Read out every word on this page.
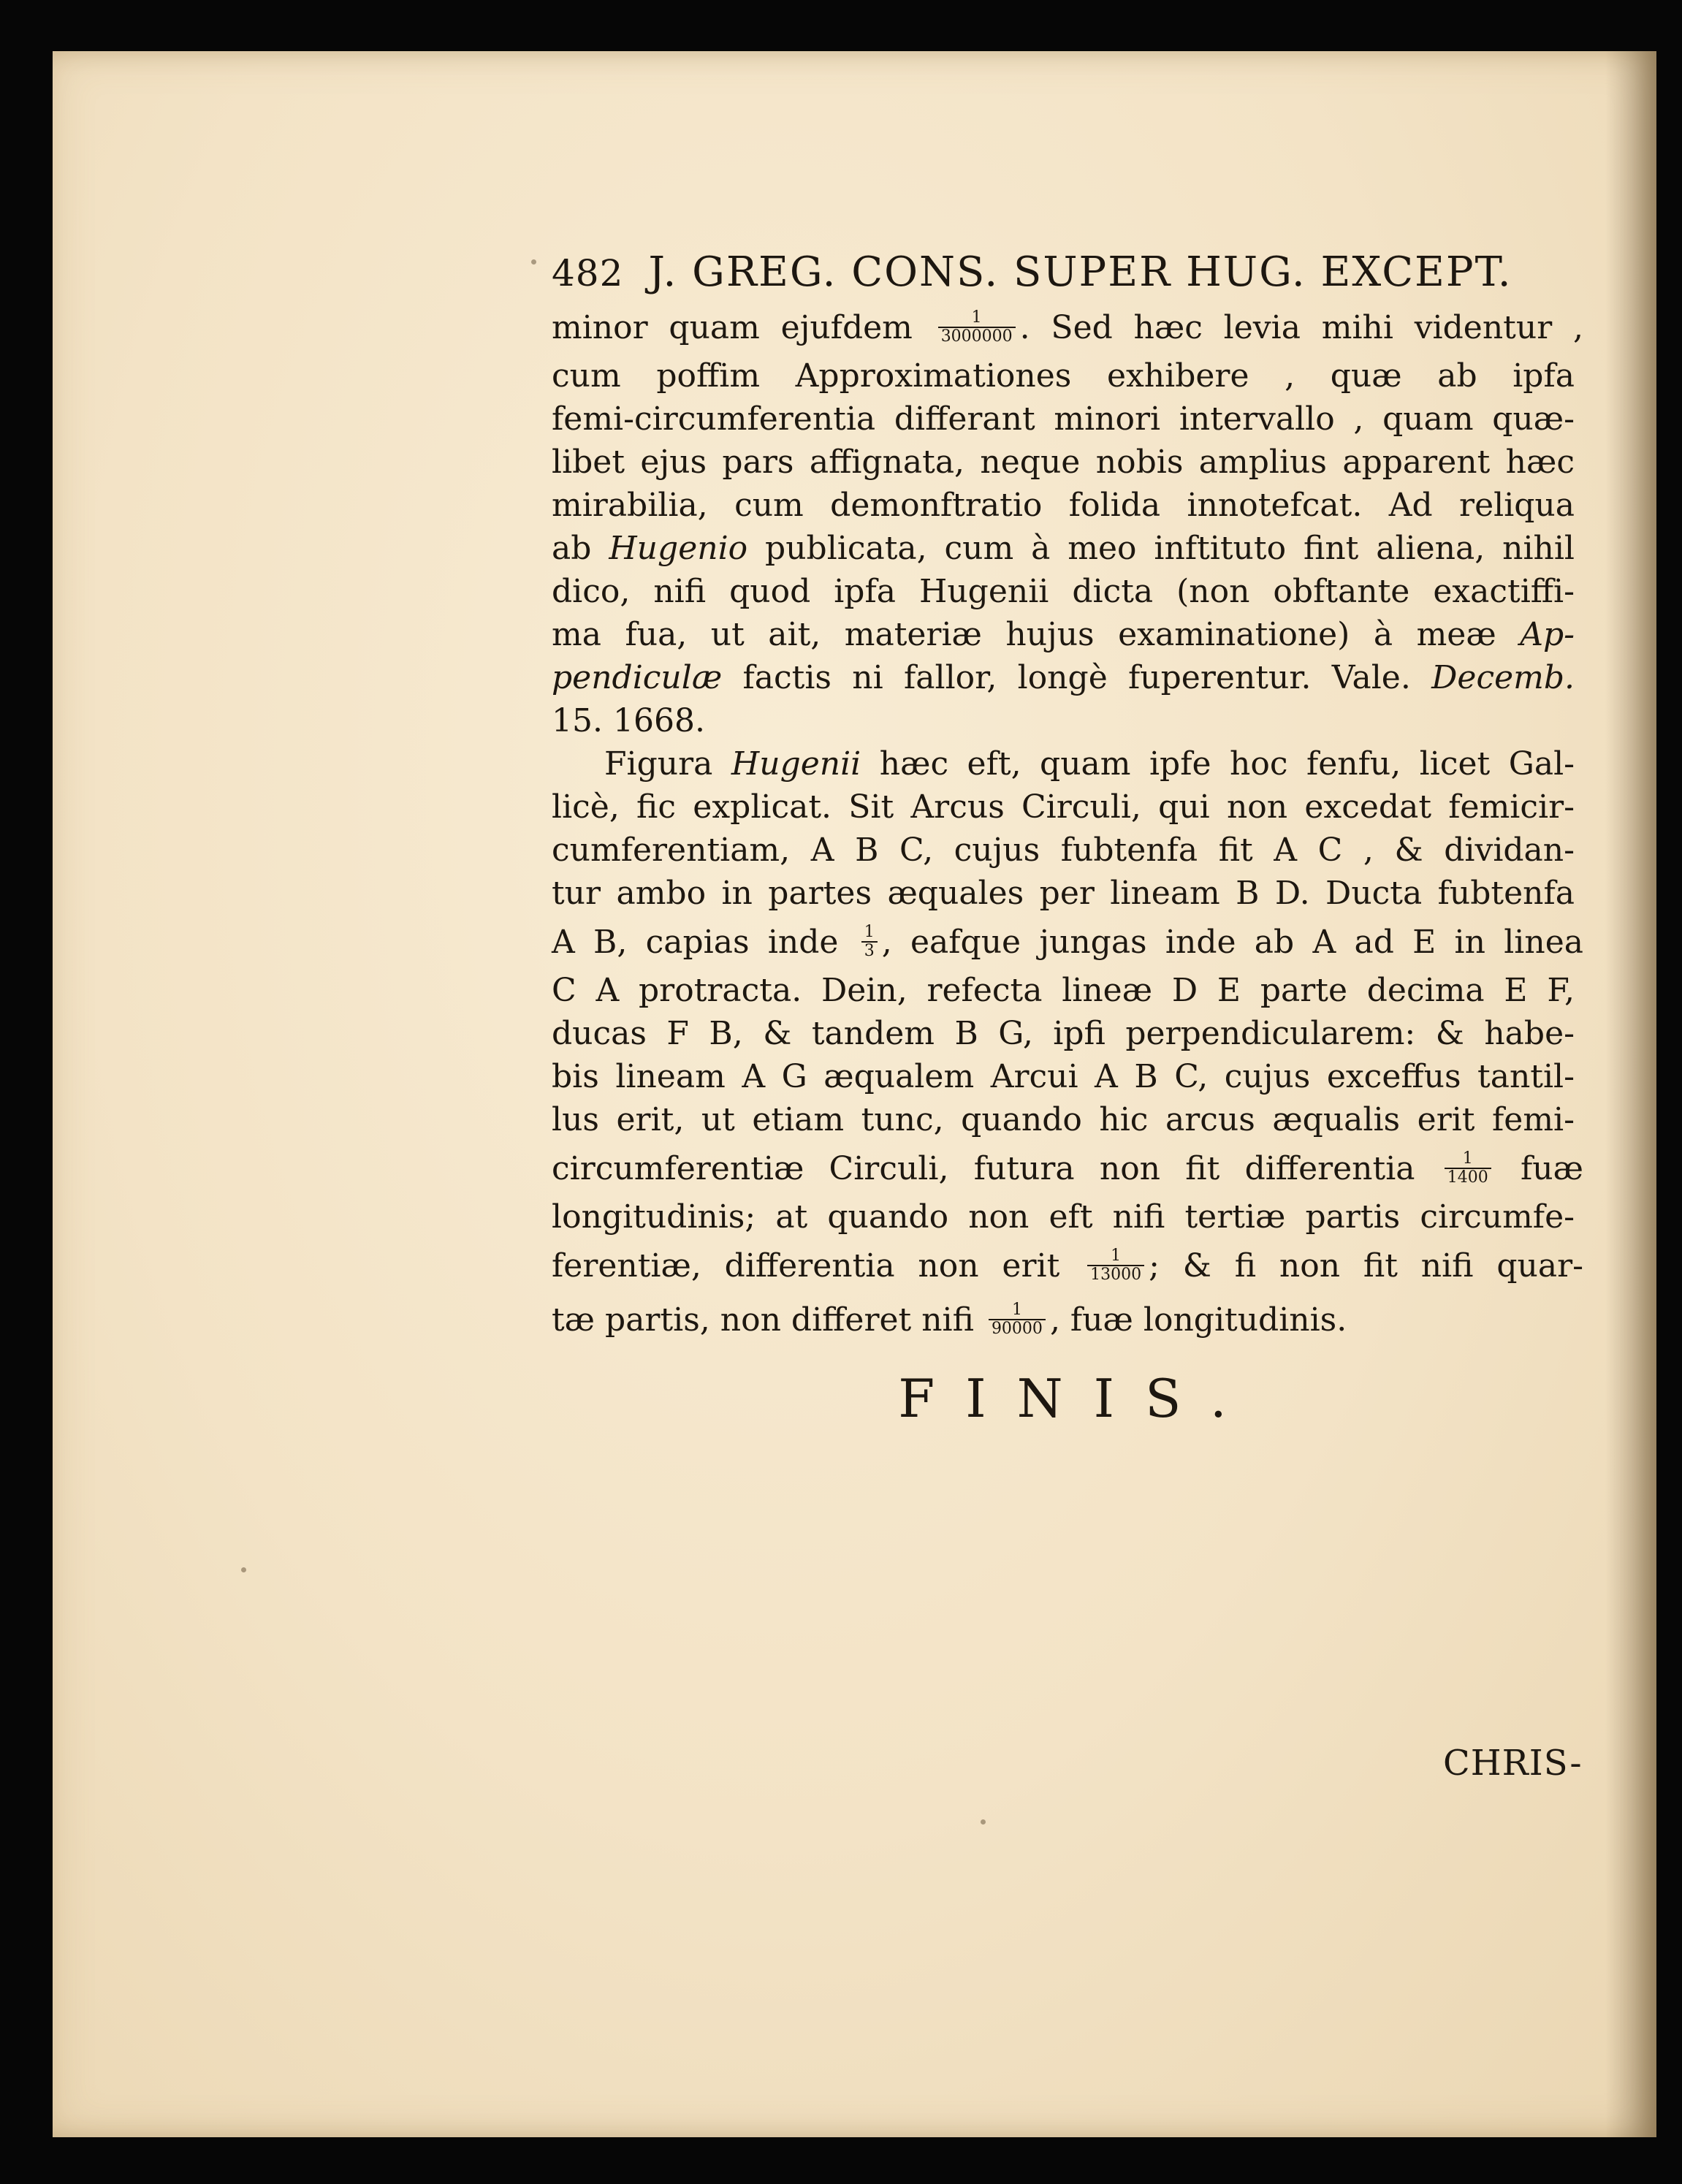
482 J. GREG. CONS. SUPER HUG. EXCEPT.
minor quam ejufdem $\frac{1}{3000000}$ . Sed hæc levia mihi videntur ,
cum poffim Approximationes exhibere , quæ ab ipfa
femi-circumferentia differant minori intervallo , quam quæ-
libet ejus pars affignata, neque nobis amplius apparent hæc
mirabilia, cum demonftratio folida innotefcat. Ad reliqua
ab Hugenio publicata, cum à meo inftituto fint aliena, nihil
dico, nifi quod ipfa Hugenii dicta (non obftante exactiffi-
ma fua, ut ait, materiæ hujus examinatione) à meæ Ap-
pendiculæ factis ni fallor, longè fuperentur. Vale. Decemb.
15. 1668.
Figura Hugenii hæc eft, quam ipfe hoc fenfu, licet Gal-
licè, fic explicat. Sit Arcus Circuli, qui non excedat femicir-
cumferentiam, A B C, cujus fubtenfa fit A C , & dividan-
tur ambo in partes æquales per lineam B D. Ducta fubtenfa
A B, capias inde $\frac{1}{3}$ , eafque jungas inde ab A ad E in linea
C A protracta. Dein, refecta lineæ D E parte decima E F,
ducas F B, & tandem B G, ipfi perpendicularem: & habe-
bis lineam A G æqualem Arcui A B C, cujus exceffus tantil-
lus erit, ut etiam tunc, quando hic arcus æqualis erit femi-
circumferentiæ Circuli, futura non fit differentia $\frac{1}{1400}$ fuæ
longitudinis; at quando non eft nifi tertiæ partis circumfe-
ferentiæ, differentia non erit $\frac{1}{13000}$ ; & fi non fit nifi quar-
tæ partis, non differet nifi $\frac{1}{90000}$ , fuæ longitudinis.
FINIS.
CHRIS-
